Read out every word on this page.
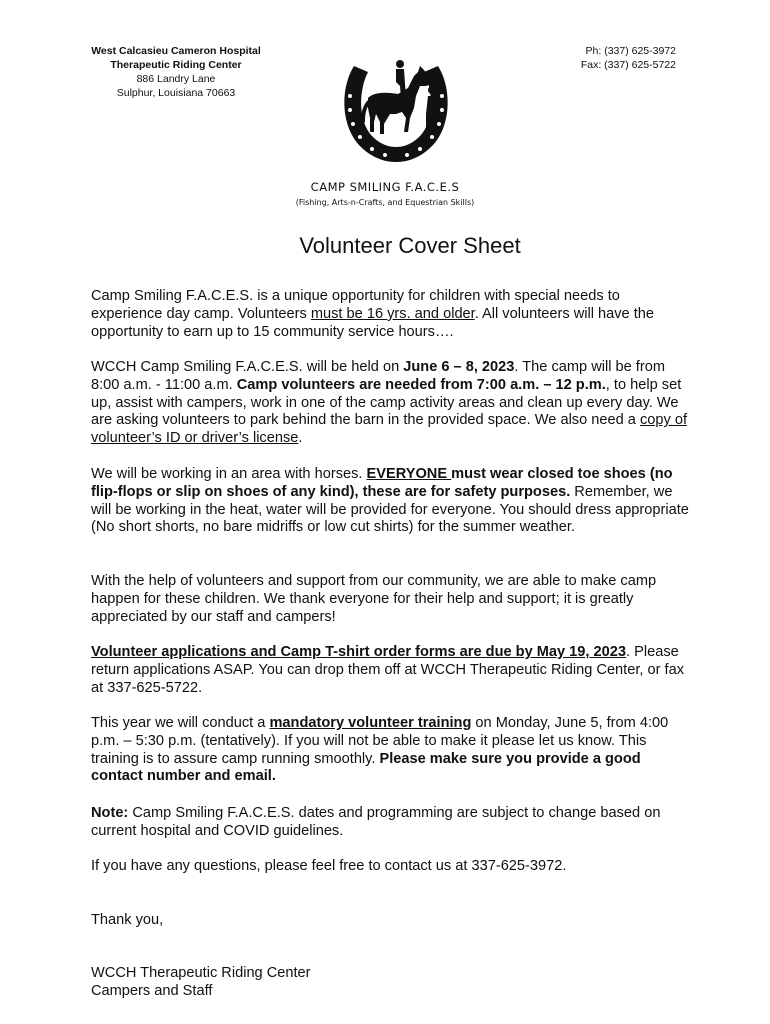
West Calcasieu Cameron Hospital
Therapeutic Riding Center
886 Landry Lane
Sulphur, Louisiana 70663
Ph: (337) 625-3972
Fax: (337) 625-5722
CAMP SMILING F.A.C.E.S
(Fishing, Arts-n-Crafts, and Equestrian Skills)
Volunteer Cover Sheet

Camp Smiling F.A.C.E.S. is a unique opportunity for children with special needs to experience day camp. Volunteers must be 16 yrs. and older. All volunteers will have the opportunity to earn up to 15 community service hours….

WCCH Camp Smiling F.A.C.E.S. will be held on June 6 – 8, 2023. The camp will be from 8:00 a.m. - 11:00 a.m. Camp volunteers are needed from 7:00 a.m. – 12 p.m., to help set up, assist with campers, work in one of the camp activity areas and clean up every day. We are asking volunteers to park behind the barn in the provided space. We also need a copy of volunteer’s ID or driver’s license.

We will be working in an area with horses. EVERYONE must wear closed toe shoes (no flip-flops or slip on shoes of any kind), these are for safety purposes. Remember, we will be working in the heat, water will be provided for everyone. You should dress appropriate (No short shorts, no bare midriffs or low cut shirts) for the summer weather.

With the help of volunteers and support from our community, we are able to make camp happen for these children. We thank everyone for their help and support; it is greatly appreciated by our staff and campers!

Volunteer applications and Camp T-shirt order forms are due by May 19, 2023. Please return applications ASAP. You can drop them off at WCCH Therapeutic Riding Center, or fax at 337-625-5722.

This year we will conduct a mandatory volunteer training on Monday, June 5, from 4:00 p.m. – 5:30 p.m. (tentatively). If you will not be able to make it please let us know. This training is to assure camp running smoothly. Please make sure you provide a good contact number and email.

Note: Camp Smiling F.A.C.E.S. dates and programming are subject to change based on current hospital and COVID guidelines.

If you have any questions, please feel free to contact us at 337-625-3972.

Thank you,

WCCH Therapeutic Riding Center

Campers and Staff
